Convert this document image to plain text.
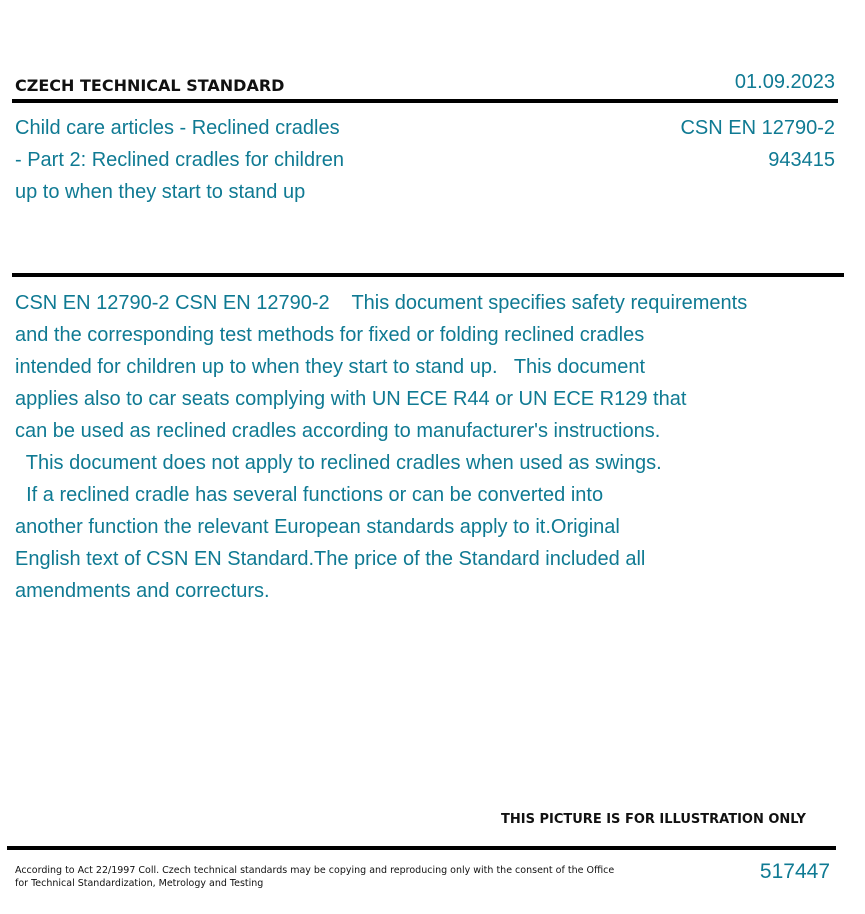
CZECH TECHNICAL STANDARD	01.09.2023
Child care articles - Reclined cradles
- Part 2: Reclined cradles for children
up to when they start to stand up
CSN EN 12790-2
943415
CSN EN 12790-2 CSN EN 12790-2    This document specifies safety requirements
and the corresponding test methods for fixed or folding reclined cradles
intended for children up to when they start to stand up.   This document
applies also to car seats complying with UN ECE R44 or UN ECE R129 that
can be used as reclined cradles according to manufacturer's instructions.
This document does not apply to reclined cradles when used as swings.
If a reclined cradle has several functions or can be converted into
another function the relevant European standards apply to it.Original
English text of CSN EN Standard.The price of the Standard included all
amendments and correcturs.
THIS PICTURE IS FOR ILLUSTRATION ONLY
According to Act 22/1997 Coll. Czech technical standards may be copying and reproducing only with the consent of the Office
for Technical Standardization, Metrology and Testing
517447
